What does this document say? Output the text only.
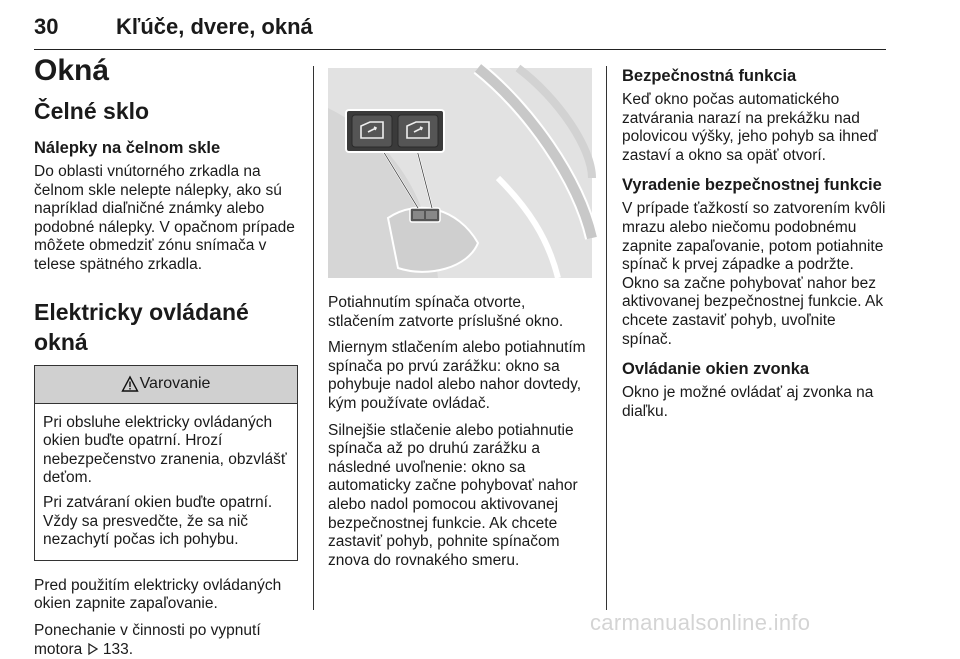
30	Kľúče, dvere, okná
Okná
Čelné sklo
Nálepky na čelnom skle
Do oblasti vnútorného zrkadla na čelnom skle nelepte nálepky, ako sú napríklad diaľničné známky alebo podobné nálepky. V opačnom prípade môžete obmedziť zónu snímača v telese spätného zrkadla.
Elektricky ovládané okná
Varovanie
Pri obsluhe elektricky ovládaných okien buďte opatrní. Hrozí nebezpečenstvo zranenia, obzvlášť deťom.
Pri zatváraní okien buďte opatrní. Vždy sa presvedčte, že sa nič nezachytí počas ich pohybu.
Pred použitím elektricky ovládaných okien zapnite zapaľovanie.
Ponechanie v činnosti po vypnutí motora 133.
Potiahnutím spínača otvorte, stlačením zatvorte príslušné okno.
Miernym stlačením alebo potiahnutím spínača po prvú zarážku: okno sa pohybuje nadol alebo nahor dovtedy, kým používate ovládač.
Silnejšie stlačenie alebo potiahnutie spínača až po druhú zarážku a následné uvoľnenie: okno sa automaticky začne pohybovať nahor alebo nadol pomocou aktivovanej bezpečnostnej funkcie. Ak chcete zastaviť pohyb, pohnite spínačom znova do rovnakého smeru.
Bezpečnostná funkcia
Keď okno počas automatického zatvárania narazí na prekážku nad polovicou výšky, jeho pohyb sa ihneď zastaví a okno sa opäť otvorí.
Vyradenie bezpečnostnej funkcie
V prípade ťažkostí so zatvorením kvôli mrazu alebo niečomu podobnému zapnite zapaľovanie, potom potiahnite spínač k prvej západke a podržte. Okno sa začne pohybovať nahor bez aktivovanej bezpečnostnej funkcie. Ak chcete zastaviť pohyb, uvoľnite spínač.
Ovládanie okien zvonka
Okno je možné ovládať aj zvonka na diaľku.
carmanualsonline.info
